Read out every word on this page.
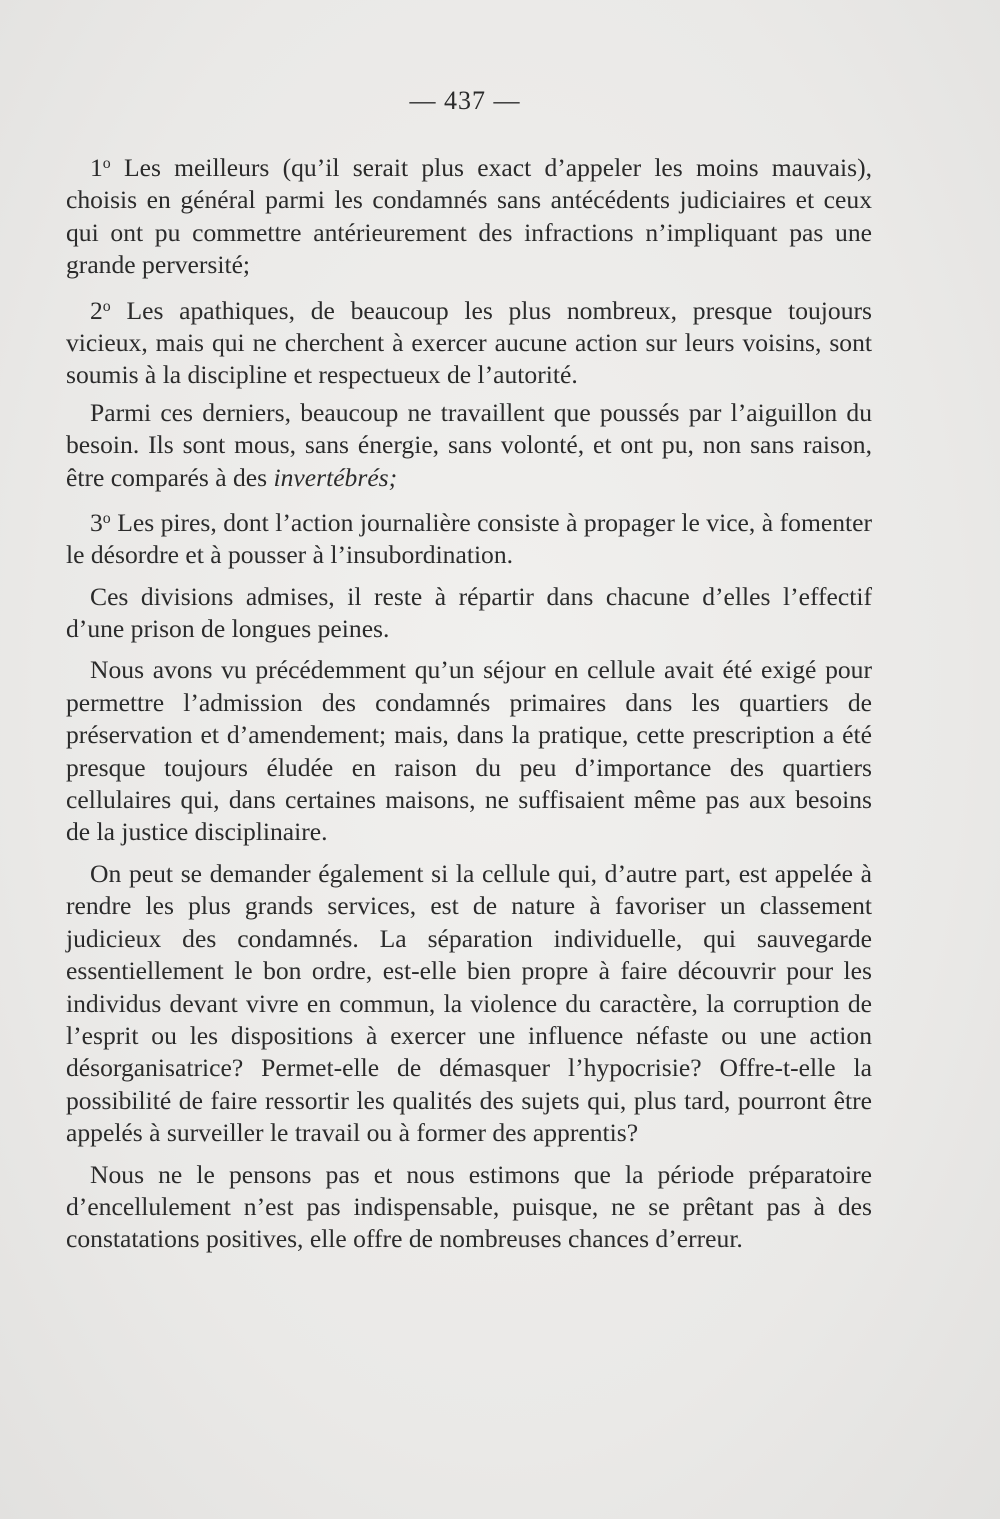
— 437 —

1$^o$ Les meilleurs (qu’il serait plus exact d’appeler les moins mauvais), choisis en général parmi les condamnés sans antécédents judiciaires et ceux qui ont pu commettre antérieurement des infractions n’impliquant pas une grande perversité;

2$^o$ Les apathiques, de beaucoup les plus nombreux, presque toujours vicieux, mais qui ne cherchent à exercer aucune action sur leurs voisins, sont soumis à la discipline et respectueux de l’autorité.

Parmi ces derniers, beaucoup ne travaillent que poussés par l’aiguillon du besoin. Ils sont mous, sans énergie, sans volonté, et ont pu, non sans raison, être comparés à des invertébrés;

3$^o$ Les pires, dont l’action journalière consiste à propager le vice, à fomenter le désordre et à pousser à l’insubordination.

Ces divisions admises, il reste à répartir dans chacune d’elles l’effectif d’une prison de longues peines.

Nous avons vu précédemment qu’un séjour en cellule avait été exigé pour permettre l’admission des condamnés primaires dans les quartiers de préservation et d’amendement; mais, dans la pratique, cette prescription a été presque toujours éludée en raison du peu d’importance des quartiers cellulaires qui, dans certaines maisons, ne suffisaient même pas aux besoins de la justice disciplinaire.

On peut se demander également si la cellule qui, d’autre part, est appelée à rendre les plus grands services, est de nature à favoriser un classement judicieux des condamnés. La séparation individuelle, qui sauvegarde essentiellement le bon ordre, est-elle bien propre à faire découvrir pour les individus devant vivre en commun, la violence du caractère, la corruption de l’esprit ou les dispositions à exercer une influence néfaste ou une action désorganisatrice? Permet-elle de démasquer l’hypocrisie? Offre-t-elle la possibilité de faire ressortir les qualités des sujets qui, plus tard, pourront être appelés à surveiller le travail ou à former des apprentis?

Nous ne le pensons pas et nous estimons que la période préparatoire d’encellulement n’est pas indispensable, puisque, ne se prêtant pas à des constatations positives, elle offre de nombreuses chances d’erreur.
